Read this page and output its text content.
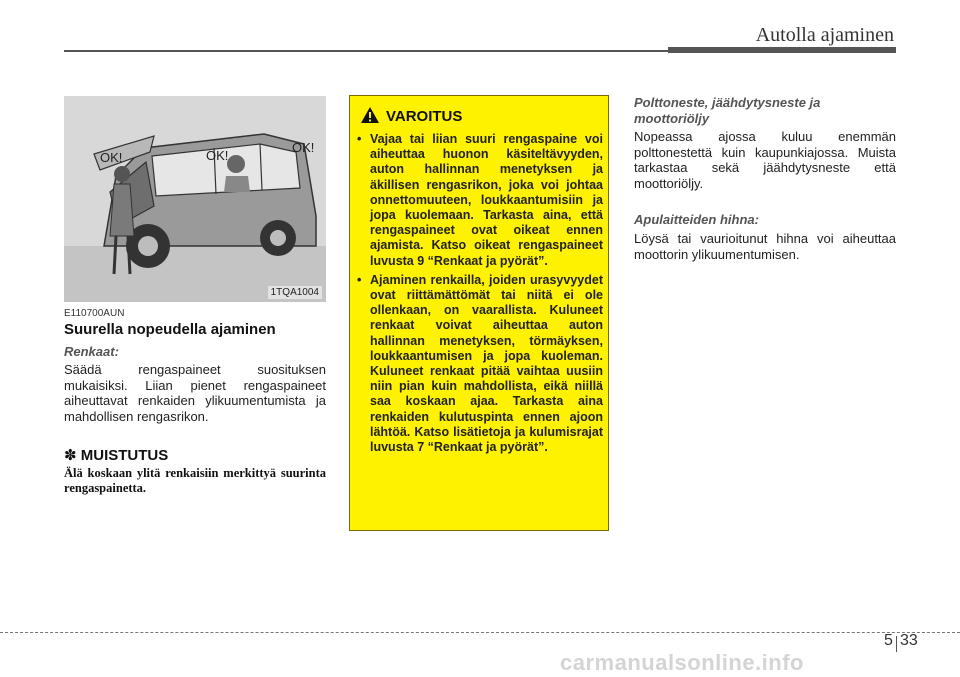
Autolla ajaminen
OK!	OK!
OK!
1TQA1004
E110700AUN
Suurella nopeudella ajaminen
Renkaat:

Säädä rengaspaineet suosituksen mukaisiksi. Liian pienet rengaspaineet aiheuttavat renkaiden ylikuumentumista ja mahdollisen rengasrikon.

✽ MUISTUTUS

Älä koskaan ylitä renkaisiin merkittyä suurinta rengaspainetta.

VAROITUS
• Vajaa tai liian suuri rengaspaine voi aiheuttaa huonon käsiteltävyyden, auton hallinnan menetyksen ja äkillisen rengasrikon, joka voi johtaa onnettomuuteen, loukkaantumisiin ja jopa kuolemaan. Tarkasta aina, että rengaspaineet ovat oikeat ennen ajamista. Katso oikeat rengaspaineet luvusta 9 “Renkaat ja pyörät”.
• Ajaminen renkailla, joiden urasyvyydet ovat riittämättömät tai niitä ei ole ollenkaan, on vaarallista. Kuluneet renkaat voivat aiheuttaa auton hallinnan menetyksen, törmäyksen, loukkaantumisen ja jopa kuoleman. Kuluneet renkaat pitää vaihtaa uusiin niin pian kuin mahdollista, eikä niillä saa koskaan ajaa. Tarkasta aina renkaiden kulutuspinta ennen ajoon lähtöä. Katso lisätietoja ja kulumisrajat luvusta 7 “Renkaat ja pyörät”.
Polttoneste, jäähdytysneste ja moottoriöljy

Nopeassa ajossa kuluu enemmän polttonestettä kuin kaupunkiajossa. Muista tarkastaa sekä jäähdytysneste että moottoriöljy.

Apulaitteiden hihna:

Löysä tai vaurioitunut hihna voi aiheuttaa moottorin ylikuumentumisen.

5 33
carmanualsonline.info
